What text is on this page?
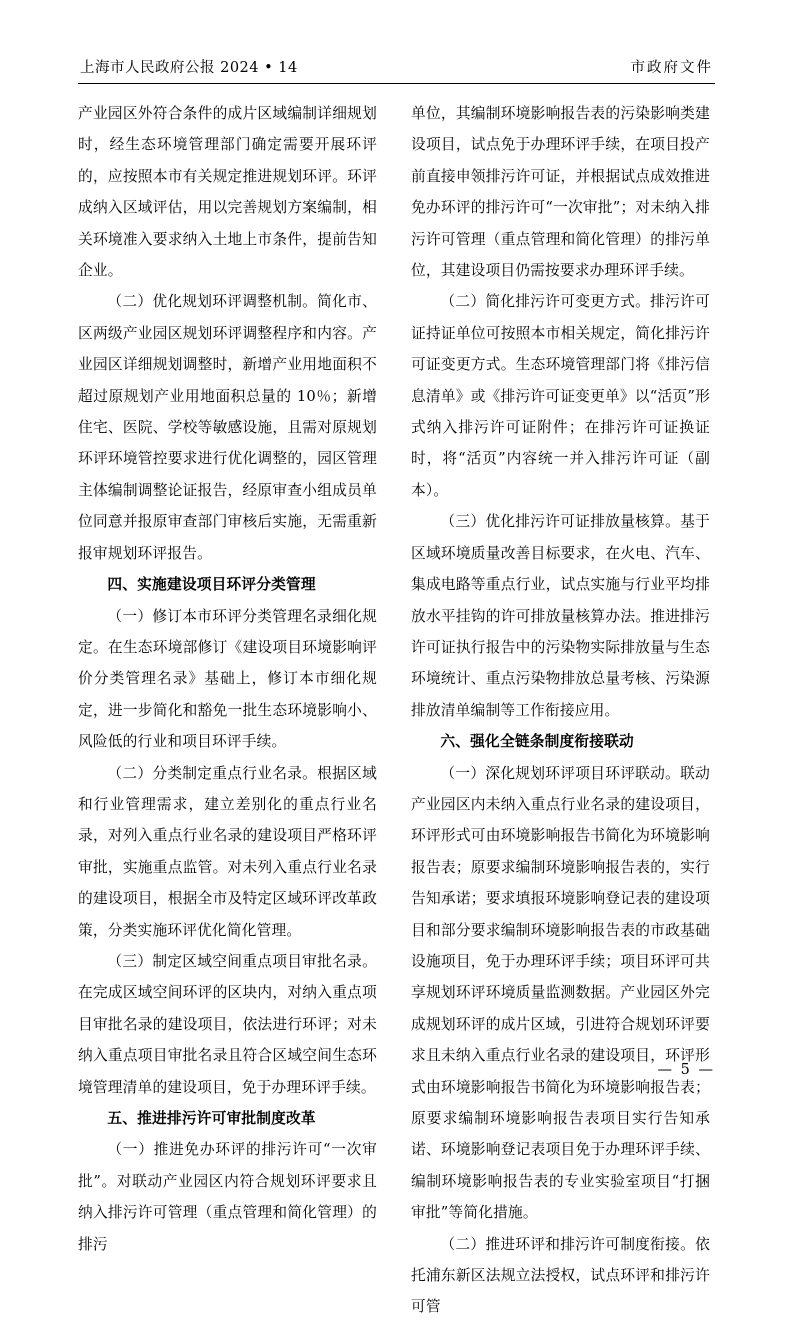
上海市人民政府公报 2024 • 14	市政府文件

产业园区外符合条件的成片区域编制详细规划时，经生态环境管理部门确定需要开展环评的，应按照本市有关规定推进规划环评。环评成纳入区域评估，用以完善规划方案编制，相关环境准入要求纳入土地上市条件，提前告知企业。

（二）优化规划环评调整机制。简化市、区两级产业园区规划环评调整程序和内容。产业园区详细规划调整时，新增产业用地面积不超过原规划产业用地面积总量的 10％；新增住宅、医院、学校等敏感设施，且需对原规划环评环境管控要求进行优化调整的，园区管理主体编制调整论证报告，经原审查小组成员单位同意并报原审查部门审核后实施，无需重新报审规划环评报告。

四、实施建设项目环评分类管理

（一）修订本市环评分类管理名录细化规定。在生态环境部修订《建设项目环境影响评价分类管理名录》基础上，修订本市细化规定，进一步简化和豁免一批生态环境影响小、风险低的行业和项目环评手续。

（二）分类制定重点行业名录。根据区域和行业管理需求，建立差别化的重点行业名录，对列入重点行业名录的建设项目严格环评审批，实施重点监管。对未列入重点行业名录的建设项目，根据全市及特定区域环评改革政策，分类实施环评优化简化管理。

（三）制定区域空间重点项目审批名录。在完成区域空间环评的区块内，对纳入重点项目审批名录的建设项目，依法进行环评；对未纳入重点项目审批名录且符合区域空间生态环境管理清单的建设项目，免于办理环评手续。

五、推进排污许可审批制度改革

（一）推进免办环评的排污许可“一次审批”。对联动产业园区内符合规划环评要求且纳入排污许可管理（重点管理和简化管理）的排污

单位，其编制环境影响报告表的污染影响类建设项目，试点免于办理环评手续，在项目投产前直接申领排污许可证，并根据试点成效推进免办环评的排污许可“一次审批”；对未纳入排污许可管理（重点管理和简化管理）的排污单位，其建设项目仍需按要求办理环评手续。

（二）简化排污许可变更方式。排污许可证持证单位可按照本市相关规定，简化排污许可证变更方式。生态环境管理部门将《排污信息清单》或《排污许可证变更单》以“活页”形式纳入排污许可证附件；在排污许可证换证时，将“活页”内容统一并入排污许可证（副本）。

（三）优化排污许可证排放量核算。基于区域环境质量改善目标要求，在火电、汽车、集成电路等重点行业，试点实施与行业平均排放水平挂钩的许可排放量核算办法。推进排污许可证执行报告中的污染物实际排放量与生态环境统计、重点污染物排放总量考核、污染源排放清单编制等工作衔接应用。

六、强化全链条制度衔接联动

（一）深化规划环评项目环评联动。联动产业园区内未纳入重点行业名录的建设项目，环评形式可由环境影响报告书简化为环境影响报告表；原要求编制环境影响报告表的，实行告知承诺；要求填报环境影响登记表的建设项目和部分要求编制环境影响报告表的市政基础设施项目，免于办理环评手续；项目环评可共享规划环评环境质量监测数据。产业园区外完成规划环评的成片区域，引进符合规划环评要求且未纳入重点行业名录的建设项目，环评形式由环境影响报告书简化为环境影响报告表；原要求编制环境影响报告表项目实行告知承诺、环境影响登记表项目免于办理环评手续、编制环境影响报告表的专业实验室项目“打捆审批”等简化措施。

（二）推进环评和排污许可制度衔接。依托浦东新区法规立法授权，试点环评和排污许可管

— 5 —
